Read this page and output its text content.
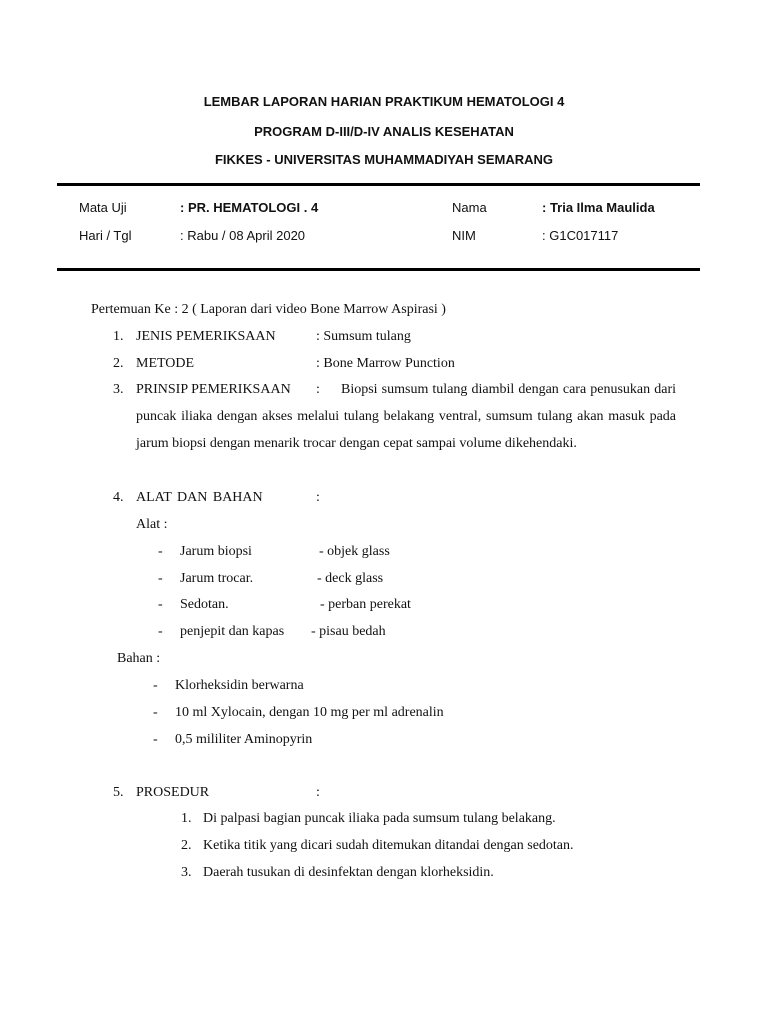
LEMBAR LAPORAN HARIAN PRAKTIKUM HEMATOLOGI 4
PROGRAM D-III/D-IV ANALIS KESEHATAN
FIKKES - UNIVERSITAS MUHAMMADIYAH SEMARANG
Mata Uji	: PR. HEMATOLOGI . 4	Nama	: Tria Ilma Maulida
Hari / Tgl	: Rabu / 08 April 2020	NIM	: G1C017117
Pertemuan Ke : 2 ( Laporan dari video Bone Marrow Aspirasi )
1. JENIS PEMERIKSAAN	: Sumsum tulang
2. METODE	: Bone Marrow Punction
3. PRINSIP PEMERIKSAAN :	Biopsi sumsum tulang diambil dengan cara penusukan dari puncak iliaka dengan akses melalui tulang belakang ventral, sumsum tulang akan masuk pada jarum biopsi dengan menarik trocar dengan cepat sampai volume dikehendaki.
4. ALAT DAN BAHAN	:
Alat :
- Jarum biopsi	- objek glass
- Jarum trocar.	- deck glass
- Sedotan.	- perban perekat
- penjepit dan kapas - pisau bedah
Bahan :
- Klorheksidin berwarna
- 10 ml Xylocain, dengan 10 mg per ml adrenalin
- 0,5 mililiter Aminopyrin
5. PROSEDUR	:
1. Di palpasi bagian puncak iliaka pada sumsum tulang belakang.
2. Ketika titik yang dicari sudah ditemukan ditandai dengan sedotan.
3. Daerah tusukan di desinfektan dengan klorheksidin.
